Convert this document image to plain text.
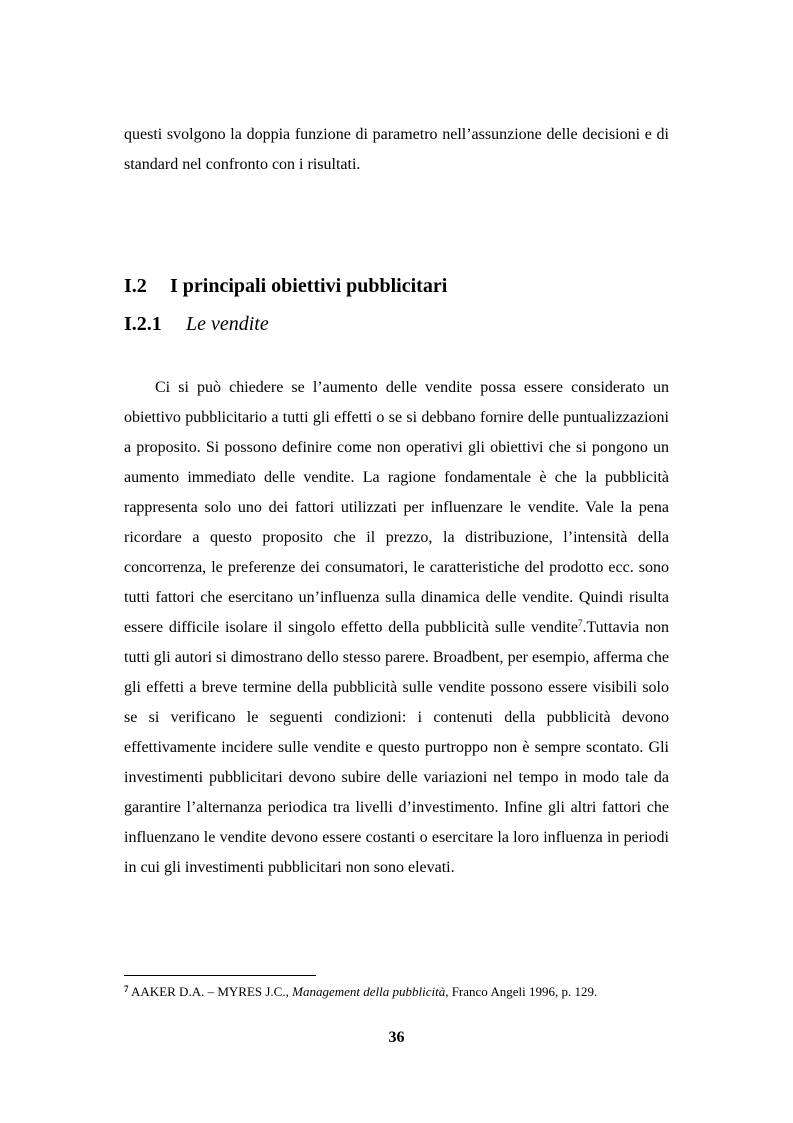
questi svolgono la doppia funzione di parametro nell’assunzione delle decisioni e di standard nel confronto con i risultati.
I.2 I principali obiettivi pubblicitari
I.2.1 Le vendite
Ci si può chiedere se l’aumento delle vendite possa essere considerato un obiettivo pubblicitario a tutti gli effetti o se si debbano fornire delle puntualizzazioni a proposito. Si possono definire come non operativi gli obiettivi che si pongono un aumento immediato delle vendite. La ragione fondamentale è che la pubblicità rappresenta solo uno dei fattori utilizzati per influenzare le vendite. Vale la pena ricordare a questo proposito che il prezzo, la distribuzione, l’intensità della concorrenza, le preferenze dei consumatori, le caratteristiche del prodotto ecc. sono tutti fattori che esercitano un’influenza sulla dinamica delle vendite. Quindi risulta essere difficile isolare il singolo effetto della pubblicità sulle vendite$^7$.Tuttavia non tutti gli autori si dimostrano dello stesso parere. Broadbent, per esempio, afferma che gli effetti a breve termine della pubblicità sulle vendite possono essere visibili solo se si verificano le seguenti condizioni: i contenuti della pubblicità devono effettivamente incidere sulle vendite e questo purtroppo non è sempre scontato. Gli investimenti pubblicitari devono subire delle variazioni nel tempo in modo tale da garantire l’alternanza periodica tra livelli d’investimento. Infine gli altri fattori che influenzano le vendite devono essere costanti o esercitare la loro influenza in periodi in cui gli investimenti pubblicitari non sono elevati.
$^7$ AAKER D.A. – MYRES J.C., Management della pubblicità, Franco Angeli 1996, p. 129.
36
